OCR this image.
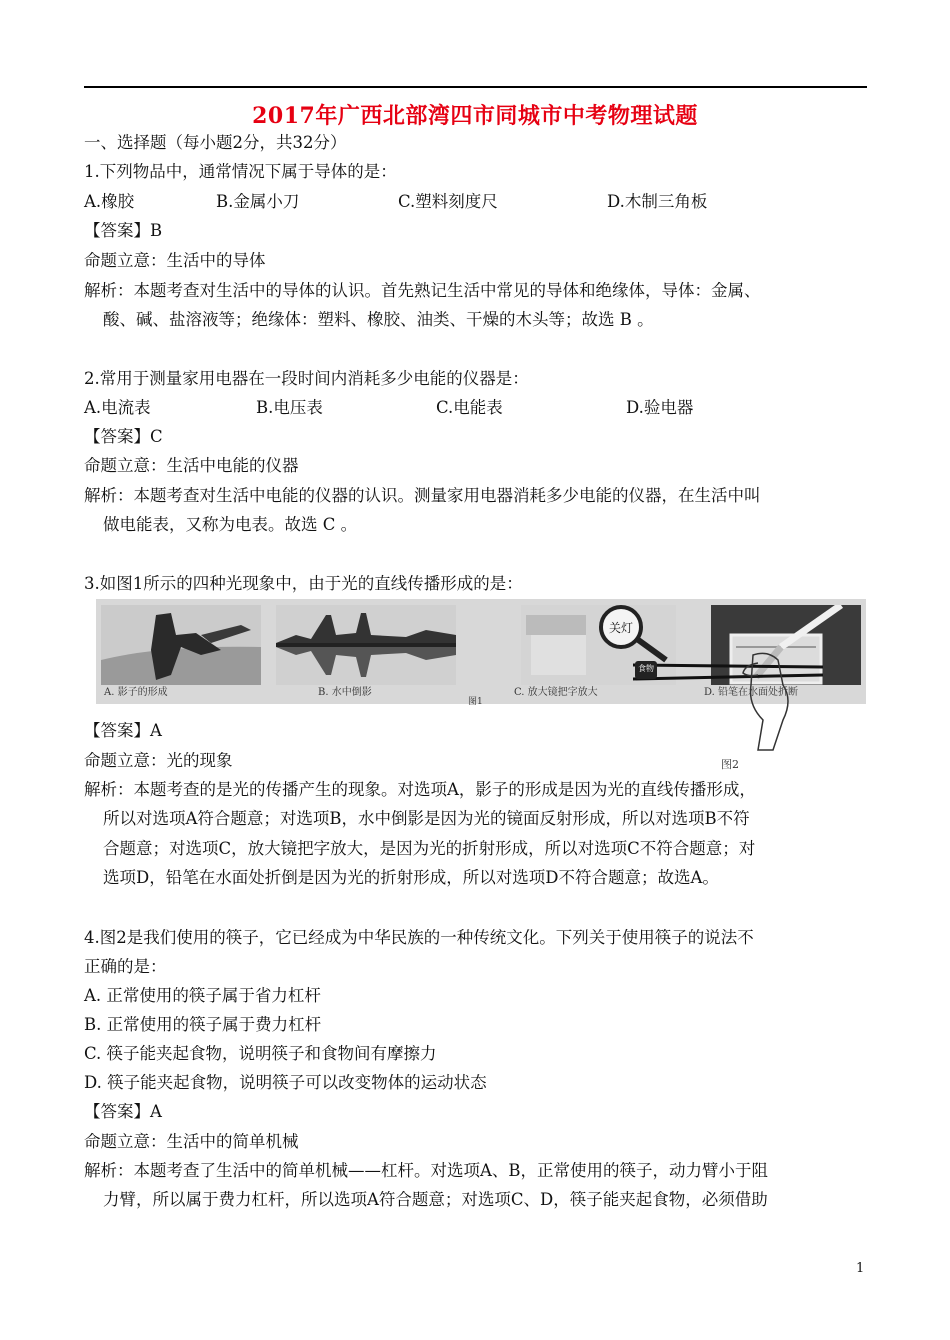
2017年广西北部湾四市同城市中考物理试题
一、选择题（每小题2分，共32分）
1.下列物品中，通常情况下属于导体的是：
A.橡胶	B.金属小刀	C.塑料刻度尺	D.木制三角板
【答案】B
命题立意：生活中的导体
解析：本题考查对生活中的导体的认识。首先熟记生活中常见的导体和绝缘体，导体：金属、
酸、碱、盐溶液等；绝缘体：塑料、橡胶、油类、干燥的木头等；故选 B 。
2.常用于测量家用电器在一段时间内消耗多少电能的仪器是：
A.电流表	B.电压表	C.电能表	D.验电器
【答案】C
命题立意：生活中电能的仪器
解析：本题考查对生活中电能的仪器的认识。测量家用电器消耗多少电能的仪器，在生活中叫
做电能表，又称为电表。故选 C 。
3.如图1所示的四种光现象中，由于光的直线传播形成的是：
A. 影子的形成	B. 水中倒影
关灯
C. 放大镜把字放大	D. 铅笔在水面处折断
图1
【答案】A
命题立意：光的现象
解析：本题考查的是光的传播产生的现象。对选项A，影子的形成是因为光的直线传播形成，
所以对选项A符合题意；对选项B，水中倒影是因为光的镜面反射形成，所以对选项B不符
合题意；对选项C，放大镜把字放大，是因为光的折射形成，所以对选项C不符合题意；对
选项D，铅笔在水面处折倒是因为光的折射形成，所以对选项D不符合题意；故选A。
4.图2是我们使用的筷子，它已经成为中华民族的一种传统文化。下列关于使用筷子的说法不
正确的是：
食物
图2
A. 正常使用的筷子属于省力杠杆
B. 正常使用的筷子属于费力杠杆
C. 筷子能夹起食物，说明筷子和食物间有摩擦力
D. 筷子能夹起食物，说明筷子可以改变物体的运动状态
【答案】A
命题立意：生活中的简单机械
解析：本题考查了生活中的简单机械——杠杆。对选项A、B，正常使用的筷子，动力臂小于阻
力臂，所以属于费力杠杆，所以选项A符合题意；对选项C、D，筷子能夹起食物，必须借助
1
